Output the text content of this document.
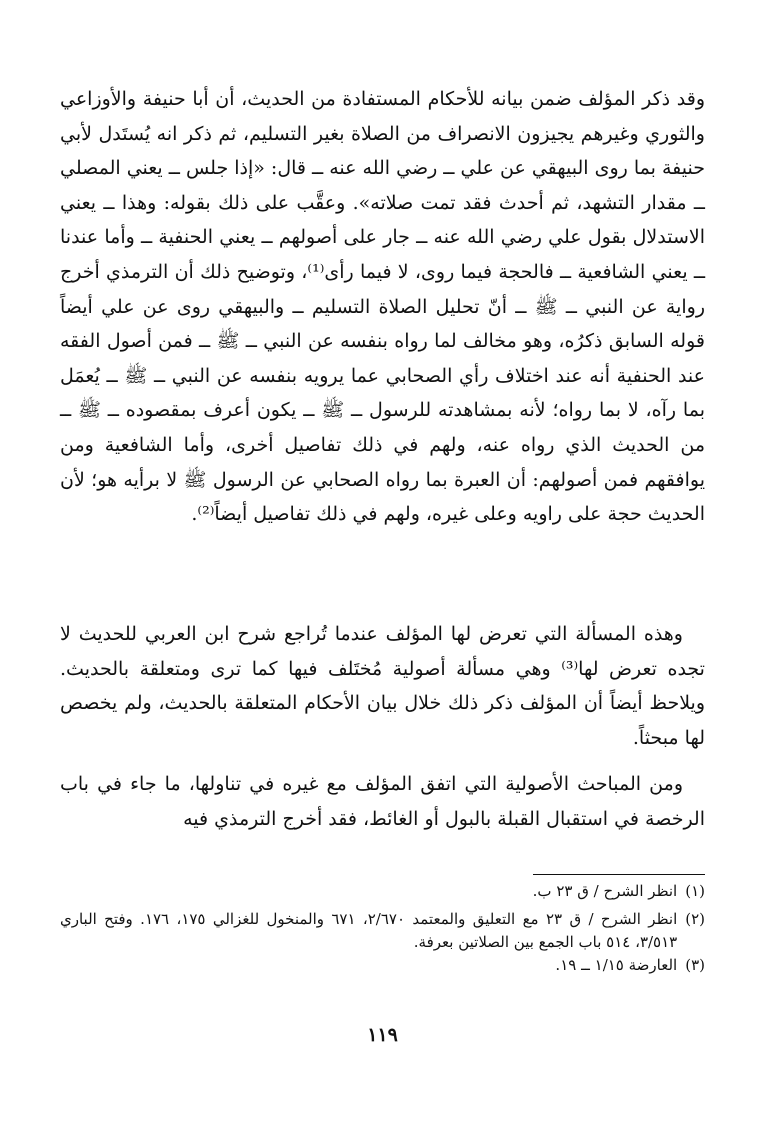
وقد ذكر المؤلف ضمن بيانه للأحكام المستفادة من الحديث، أن أبا حنيفة والأوزاعي والثوري وغيرهم يجيزون الانصراف من الصلاة بغير التسليم، ثم ذكر انه يُستَدل لأبي حنيفة بما روى البيهقي عن علي ــ رضي الله عنه ــ قال: «إذا جلس ــ يعني المصلي ــ مقدار التشهد، ثم أحدث فقد تمت صلاته». وعقَّب على ذلك بقوله: وهذا ــ يعني الاستدلال بقول علي رضي الله عنه ــ جار على أصولهم ــ يعني الحنفية ــ وأما عندنا ــ يعني الشافعية ــ فالحجة فيما روى، لا فيما رأى⁽¹⁾، وتوضيح ذلك أن الترمذي أخرج رواية عن النبي ــ ﷺ ــ أنّ تحليل الصلاة التسليم ــ والبيهقي روى عن علي أيضاً قوله السابق ذكرُه، وهو مخالف لما رواه بنفسه عن النبي ــ ﷺ ــ فمن أصول الفقه عند الحنفية أنه عند اختلاف رأي الصحابي عما يرويه بنفسه عن النبي ــ ﷺ ــ يُعمَل بما رآه، لا بما رواه؛ لأنه بمشاهدته للرسول ــ ﷺ ــ يكون أعرف بمقصوده ــ ﷺ ــ من الحديث الذي رواه عنه، ولهم في ذلك تفاصيل أخرى، وأما الشافعية ومن يوافقهم فمن أصولهم: أن العبرة بما رواه الصحابي عن الرسول ﷺ لا برأيه هو؛ لأن الحديث حجة على راويه وعلى غيره، ولهم في ذلك تفاصيل أيضاً⁽²⁾.

وهذه المسألة التي تعرض لها المؤلف عندما تُراجع شرح ابن العربي للحديث لا تجده تعرض لها⁽³⁾ وهي مسألة أصولية مُختَلف فيها كما ترى ومتعلقة بالحديث. ويلاحظ أيضاً أن المؤلف ذكر ذلك خلال بيان الأحكام المتعلقة بالحديث، ولم يخصص لها مبحثاً.

ومن المباحث الأصولية التي اتفق المؤلف مع غيره في تناولها، ما جاء في باب الرخصة في استقبال القبلة بالبول أو الغائط، فقد أخرج الترمذي فيه

(١)
انظر الشرح / ق ٢٣ ب.
(٢)
انظر الشرح / ق ٢٣ مع التعليق والمعتمد ٢/٦٧٠، ٦٧١ والمنخول للغزالي ١٧٥، ١٧٦. وفتح الباري ٣/٥١٣، ٥١٤ باب الجمع بين الصلاتين بعرفة.
(٣)
العارضة ١/١٥ ــ ١٩.
١١٩
